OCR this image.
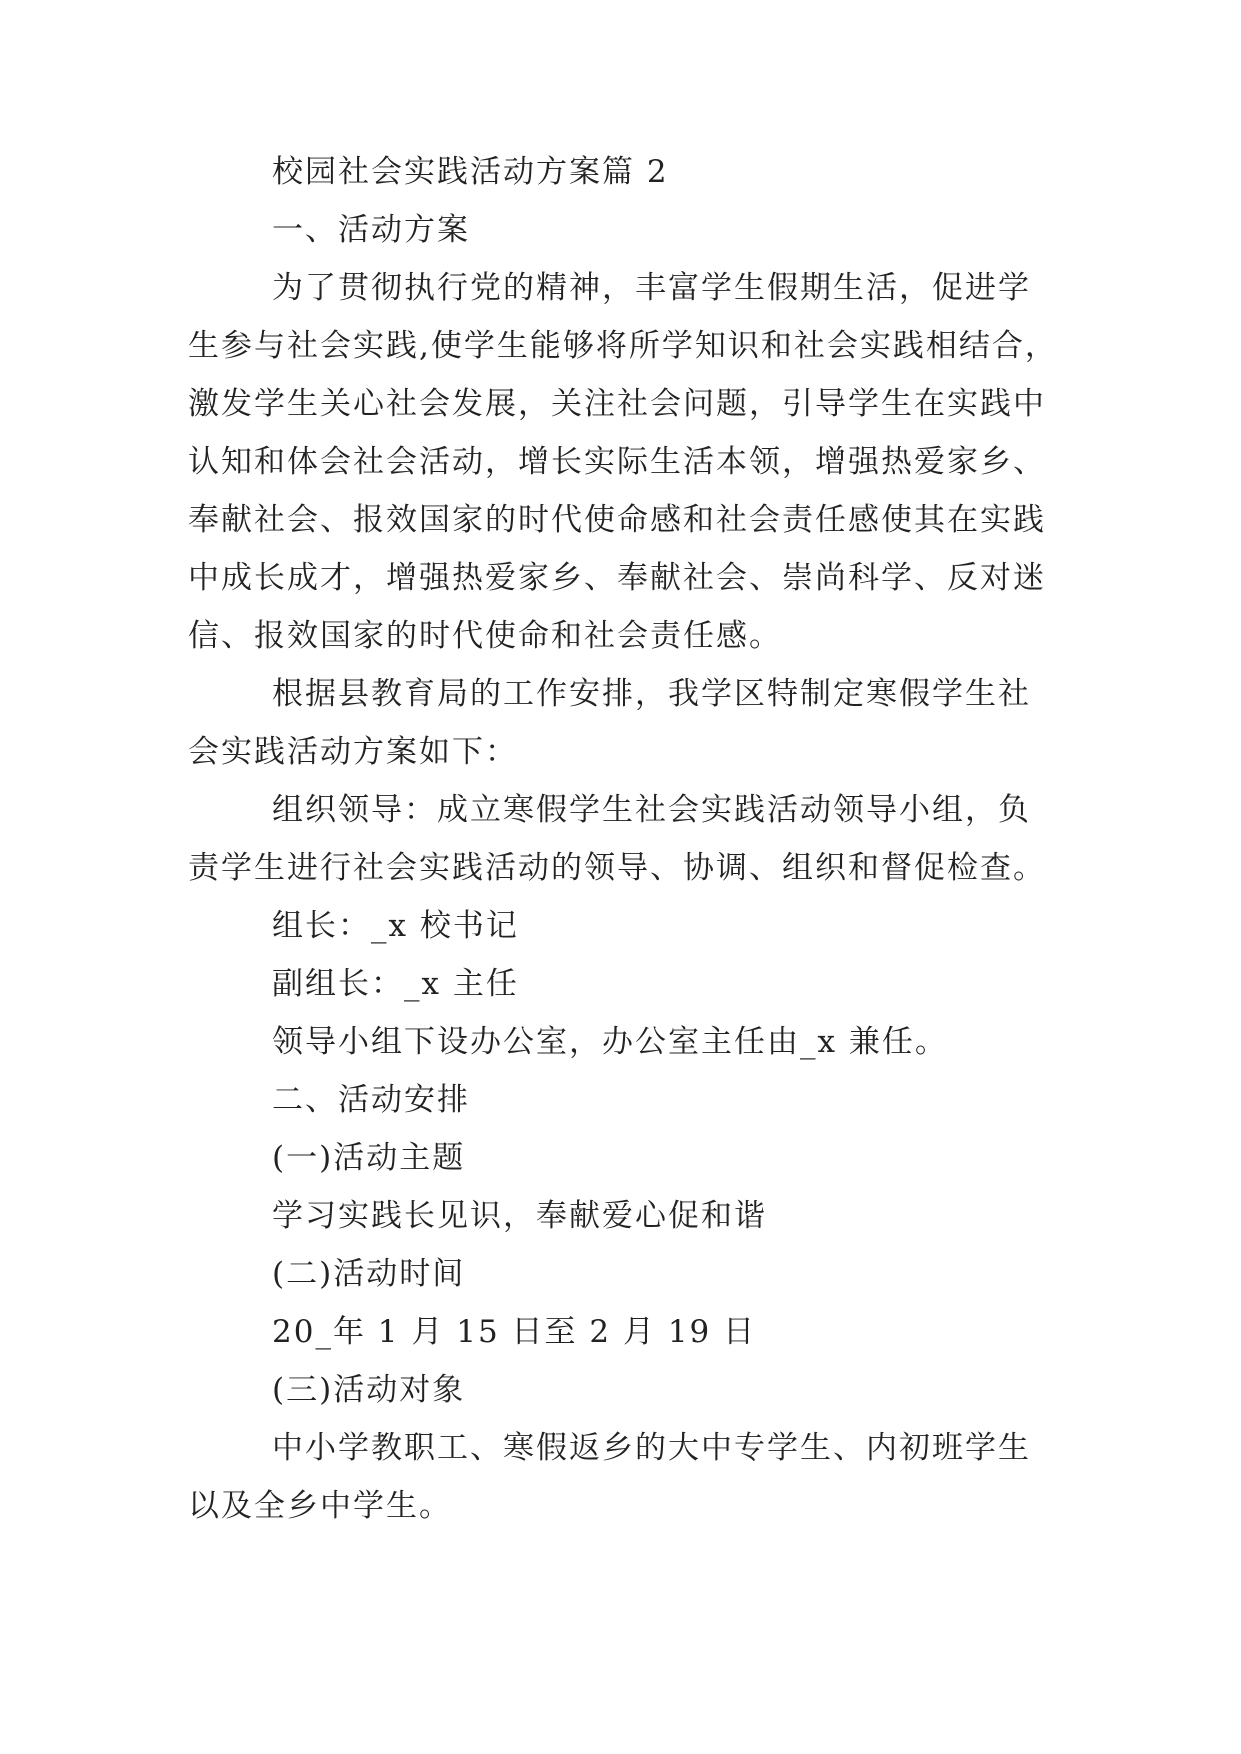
校园社会实践活动方案篇 2
一、活动方案
为了贯彻执行党的精神，丰富学生假期生活，促进学
生参与社会实践,使学生能够将所学知识和社会实践相结合，
激发学生关心社会发展，关注社会问题，引导学生在实践中
认知和体会社会活动，增长实际生活本领，增强热爱家乡、
奉献社会、报效国家的时代使命感和社会责任感使其在实践
中成长成才，增强热爱家乡、奉献社会、崇尚科学、反对迷
信、报效国家的时代使命和社会责任感。
根据县教育局的工作安排，我学区特制定寒假学生社
会实践活动方案如下：
组织领导：成立寒假学生社会实践活动领导小组，负
责学生进行社会实践活动的领导、协调、组织和督促检查。
组长：_x 校书记
副组长：_x 主任
领导小组下设办公室，办公室主任由_x 兼任。
二、活动安排
(一)活动主题
学习实践长见识，奉献爱心促和谐
(二)活动时间
20_年 1 月 15 日至 2 月 19 日
(三)活动对象
中小学教职工、寒假返乡的大中专学生、内初班学生
以及全乡中学生。
